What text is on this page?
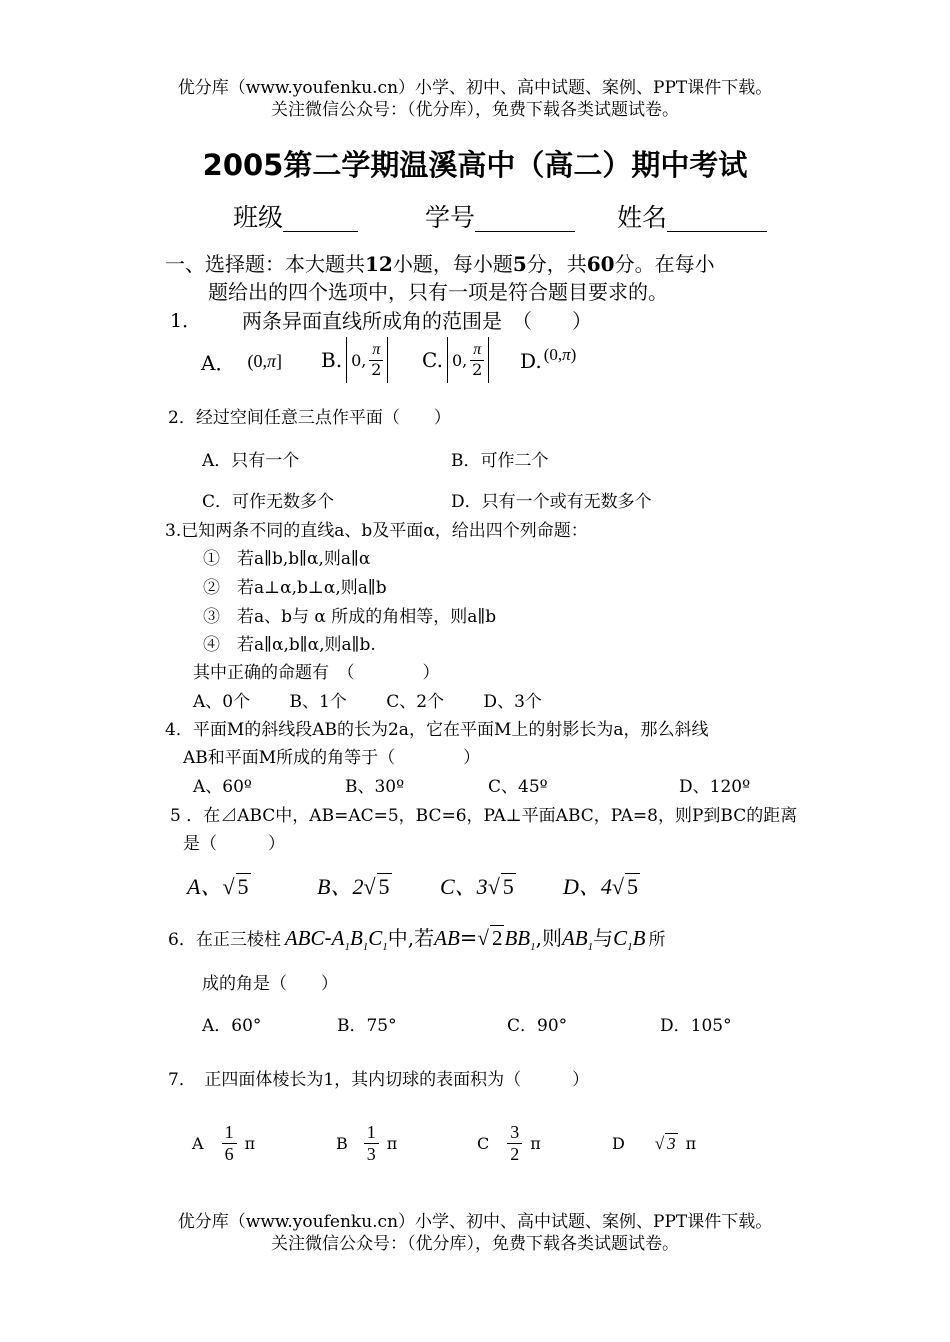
优分库（www.youfenku.cn）小学、初中、高中试题、案例、PPT课件下载。
关注微信公众号：（优分库），免费下载各类试题试卷。
2005第二学期温溪高中（高二）期中考试
班级______	学号________ 姓名________
一、选择题：本大题共12小题，每小题5分，共60分。在每小
题给出的四个选项中，只有一项是符合题目要求的。
1． 两条异面直线所成角的范围是　（　　）
A． (0,π] B. 0, $\frac{\pi}{2} C$. 0, $\frac{\pi}{2} D$. (0,π)
2．经过空间任意三点作平面（　　）
A．只有一个	B．可作二个
C．可作无数多个	D．只有一个或有无数多个
3.已知两条不同的直线a、b及平面α，给出四个列命题：
①　若a∥b,b∥α,则a∥α
②　若a⊥α,b⊥α,则a∥b
③　若a、b与 α 所成的角相等，则a∥b
④　若a∥α,b∥α,则a∥b.
其中正确的命题有　（　　　　）
A、0个　　 B、1个　　 C、2个　　 D、3个
4．平面M的斜线段AB的长为2a，它在平面M上的射影长为a，那么斜线
AB和平面M所成的角等于（　　　　）
A、60º	B、30º	C、45º	D、120º
5 ．在⊿ABC中，AB=AC=5，BC=6，PA⊥平面ABC，PA=8，则P到BC的距离
是（　　　）
A、√ 5	B、2√ 5 C、3√ 5 D、4√ 5
6．在正三棱柱 ABC - $A_1B_1C_1$ 中,若 AB = √ $2BB_1$ ,则 $AB_1$ 与 $C_1B$ 所
成的角是（　　）
A．60°	B．75°	C．90°	D．105°
7．　正四面体棱长为1，其内切球的表面积为（　　　）
A $\frac{1}{6}$ π	B $\frac{1}{3}$ π	C $\frac{3}{2}$ π	D √ 3 π
优分库（www.youfenku.cn）小学、初中、高中试题、案例、PPT课件下载。
关注微信公众号：（优分库），免费下载各类试题试卷。
